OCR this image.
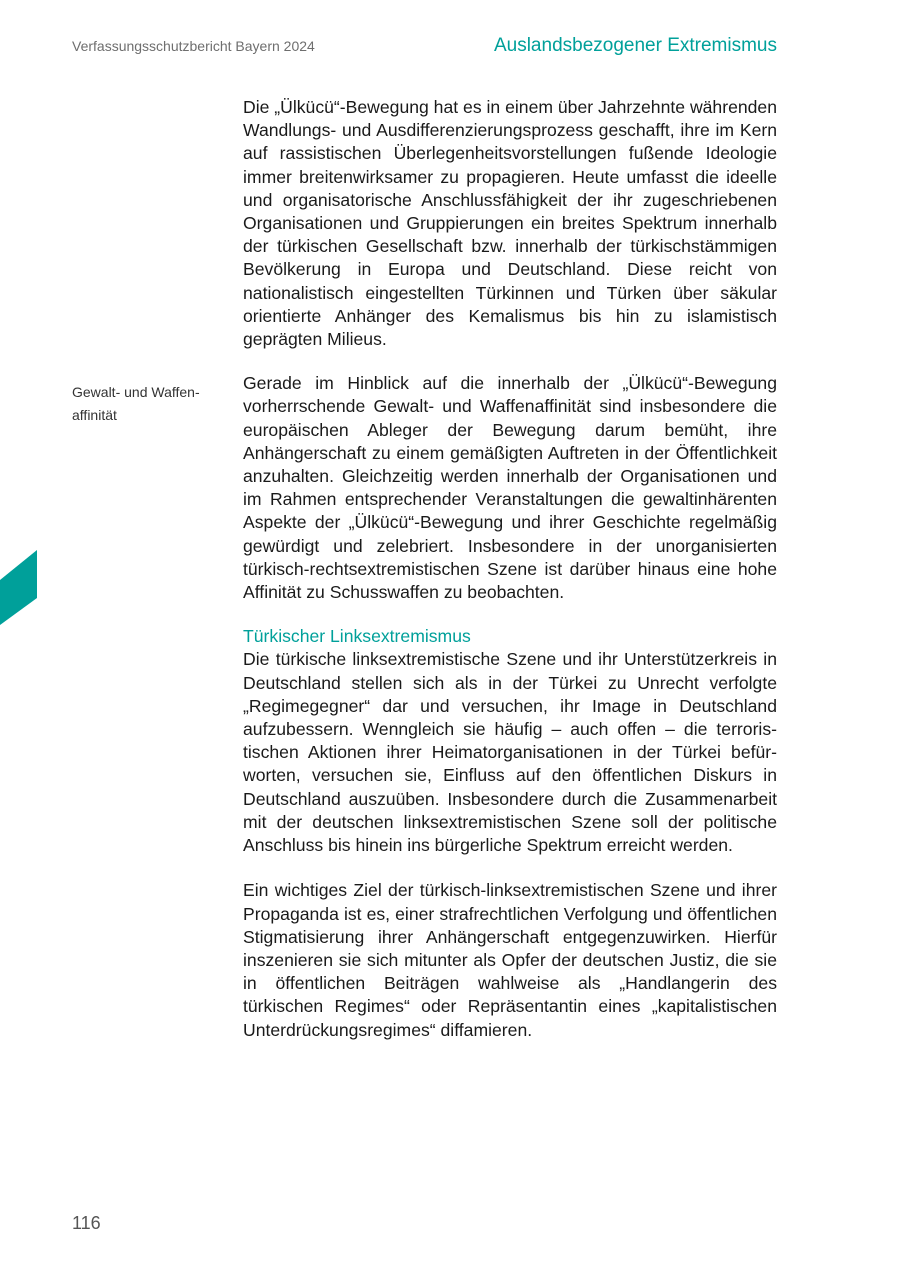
Verfassungsschutzbericht Bayern 2024	Auslandsbezogener Extremismus
Gewalt- und Waffenaffinität

Die „Ülkücü“-Bewegung hat es in einem über Jahrzehnte währenden Wandlungs- und Ausdifferenzierungsprozess geschafft, ihre im Kern auf rassistischen Überlegenheitsvorstellungen fußende Ideologie immer breitenwirksamer zu propagieren. Heute umfasst die ideelle und organisatorische Anschlussfähigkeit der ihr zugeschriebenen Organisationen und Gruppierungen ein breites Spektrum innerhalb der türkischen Gesellschaft bzw. innerhalb der türkischstämmigen Bevölkerung in Europa und Deutschland. Diese reicht von nationalistisch eingestellten Türkinnen und Türken über säkular orientierte Anhänger des Kemalismus bis hin zu islamistisch geprägten Milieus.

Gerade im Hinblick auf die innerhalb der „Ülkücü“-Bewegung vorherrschende Gewalt- und Waffenaffinität sind insbesondere die europäischen Ableger der Bewegung darum bemüht, ihre Anhängerschaft zu einem gemäßigten Auftreten in der Öffentlichkeit anzuhalten. Gleichzeitig werden innerhalb der Organisationen und im Rahmen entsprechender Veranstaltungen die gewaltinhärenten Aspekte der „Ülkücü“-Bewegung und ihrer Geschichte regelmäßig gewürdigt und zelebriert. Insbesondere in der unorganisierten türkisch-rechtsextremistischen Szene ist darüber hinaus eine hohe Affinität zu Schusswaffen zu beobachten.

Türkischer Linksextremismus

Die türkische linksextremistische Szene und ihr Unterstützerkreis in Deutschland stellen sich als in der Türkei zu Unrecht verfolgte „Regimegegner“ dar und versuchen, ihr Image in Deutschland aufzubessern. Wenngleich sie häufig – auch offen – die terroristischen Aktionen ihrer Heimatorganisationen in der Türkei befürworten, versuchen sie, Einfluss auf den öffentlichen Diskurs in Deutschland auszuüben. Insbesondere durch die Zusammenarbeit mit der deutschen linksextremistischen Szene soll der politische Anschluss bis hinein ins bürgerliche Spektrum erreicht werden.

Ein wichtiges Ziel der türkisch-linksextremistischen Szene und ihrer Propaganda ist es, einer strafrechtlichen Verfolgung und öffentlichen Stigmatisierung ihrer Anhängerschaft entgegenzuwirken. Hierfür inszenieren sie sich mitunter als Opfer der deutschen Justiz, die sie in öffentlichen Beiträgen wahlweise als „Handlangerin des türkischen Regimes“ oder Repräsentantin eines „kapitalistischen Unterdrückungsregimes“ diffamieren.

116
